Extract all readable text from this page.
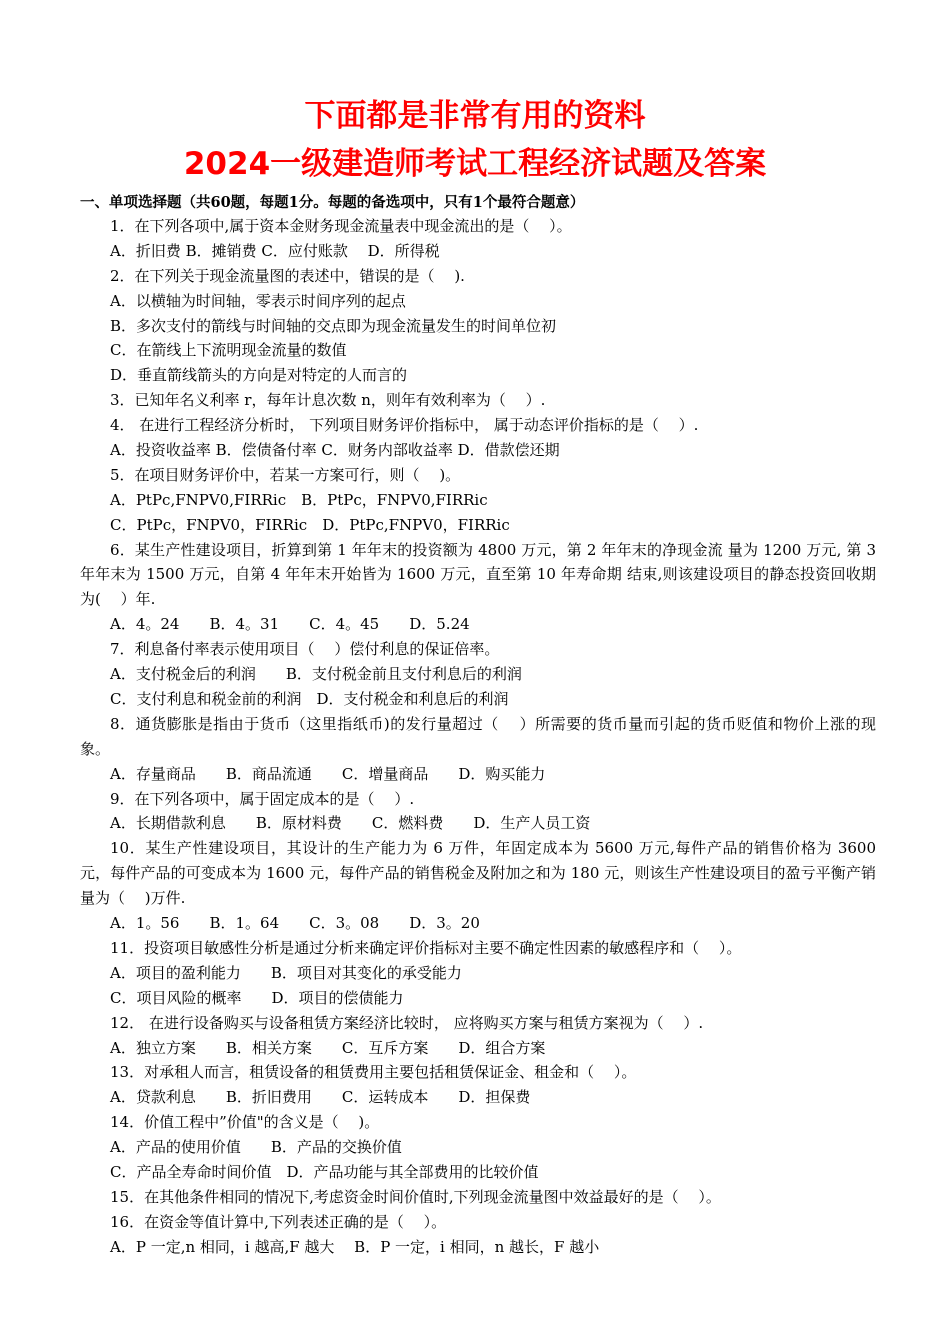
下面都是非常有用的资料
2024一级建造师考试工程经济试题及答案
一、单项选择题（共60题，每题1分。每题的备选项中，只有1个最符合题意）
1．在下列各项中,属于资本金财务现金流量表中现金流出的是（　 ）。
A．折旧费 B．摊销费 C．应付账款　 D．所得税
2．在下列关于现金流量图的表述中，错误的是（　 ).
A．以横轴为时间轴，零表示时间序列的起点
B．多次支付的箭线与时间轴的交点即为现金流量发生的时间单位初
C．在箭线上下流明现金流量的数值
D．垂直箭线箭头的方向是对特定的人而言的
3．已知年名义利率 r，每年计息次数 n，则年有效利率为（　 ）.
4． 在进行工程经济分析时， 下列项目财务评价指标中， 属于动态评价指标的是（　 ）.
A．投资收益率 B．偿债备付率 C．财务内部收益率 D．借款偿还期
5．在项目财务评价中，若某一方案可行，则（　 )。
A．PtPc,FNPV0,FIRRic　B．PtPc，FNPV0,FIRRic
C．PtPc，FNPV0，FIRRic　D．PtPc,FNPV0，FIRRic
6．某生产性建设项目，折算到第 1 年年末的投资额为 4800 万元，第 2 年年末的净现金流 量为 1200 万元, 第 3 年年末为 1500 万元，自第 4 年年末开始皆为 1600 万元，直至第 10 年寿命期 结束,则该建设项目的静态投资回收期为(　 ）年.
A．4。24　　B．4。31　　C．4。45　　D．5.24
7．利息备付率表示使用项目（　 ）偿付利息的保证倍率。
A．支付税金后的利润　　B．支付税金前且支付利息后的利润
C．支付利息和税金前的利润　D．支付税金和利息后的利润
8．通货膨胀是指由于货币（这里指纸币)的发行量超过（　 ）所需要的货币量而引起的货币贬值和物价上涨的现象。
A．存量商品　　B．商品流通　　C．增量商品　　D．购买能力
9．在下列各项中，属于固定成本的是（　 ）.
A．长期借款利息　　B．原材料费　　C．燃料费　　D．生产人员工资
10．某生产性建设项目，其设计的生产能力为 6 万件，年固定成本为 5600 万元,每件产品的销售价格为 3600 元，每件产品的可变成本为 1600 元，每件产品的销售税金及附加之和为 180 元，则该生产性建设项目的盈亏平衡产销量为（　 )万件.
A．1。56　　B．1。64　　C．3。08　　D．3。20
11．投资项目敏感性分析是通过分析来确定评价指标对主要不确定性因素的敏感程序和（　 ）。
A．项目的盈利能力　　B．项目对其变化的承受能力
C．项目风险的概率　　D．项目的偿债能力
12． 在进行设备购买与设备租赁方案经济比较时， 应将购买方案与租赁方案视为（　 ）.
A．独立方案　　B．相关方案　　C．互斥方案　　D．组合方案
13．对承租人而言，租赁设备的租赁费用主要包括租赁保证金、租金和（　 ）。
A．贷款利息　　B．折旧费用　　C．运转成本　　D．担保费
14．价值工程中”价值"的含义是（　 )。
A．产品的使用价值　　B．产品的交换价值
C．产品全寿命时间价值　D．产品功能与其全部费用的比较价值
15．在其他条件相同的情况下,考虑资金时间价值时,下列现金流量图中效益最好的是（　 ）。
16．在资金等值计算中,下列表述正确的是（　 ）。
A．P 一定,n 相同，i 越高,F 越大　 B．P 一定，i 相同，n 越长，F 越小
